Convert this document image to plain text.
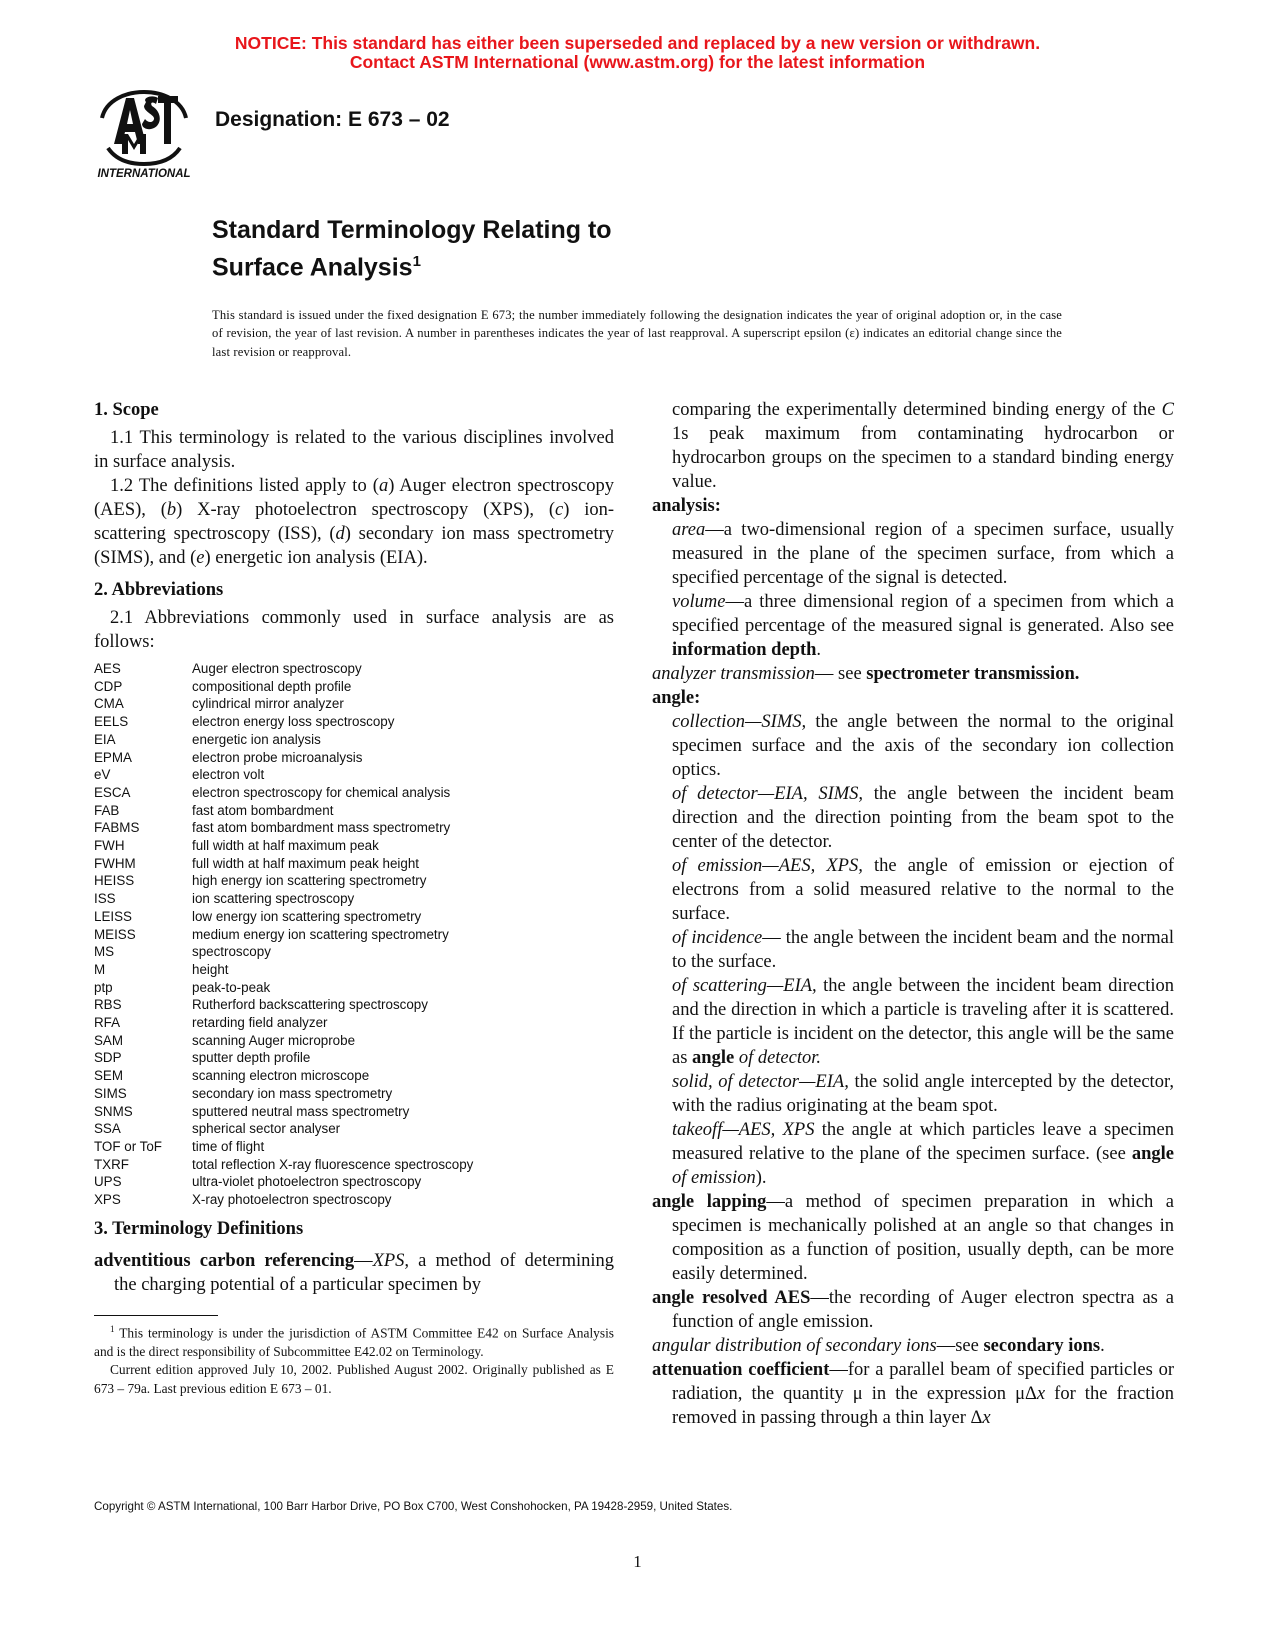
NOTICE: This standard has either been superseded and replaced by a new version or withdrawn.
Contact ASTM International (www.astm.org) for the latest information
INTERNATIONAL
Designation: E 673 – 02
Standard Terminology Relating to
Surface Analysis$^1$
This standard is issued under the fixed designation E 673; the number immediately following the designation indicates the year of original adoption or, in the case of revision, the year of last revision. A number in parentheses indicates the year of last reapproval. A superscript epsilon (ε) indicates an editorial change since the last revision or reapproval.

1. Scope

1.1 This terminology is related to the various disciplines involved in surface analysis.

1.2 The definitions listed apply to (a) Auger electron spectroscopy (AES), (b) X-ray photoelectron spectroscopy (XPS), (c) ion-scattering spectroscopy (ISS), (d) secondary ion mass spectrometry (SIMS), and (e) energetic ion analysis (EIA).

2. Abbreviations

2.1 Abbreviations commonly used in surface analysis are as follows:

AES	Auger electron spectroscopy
CDP	compositional depth profile
CMA	cylindrical mirror analyzer
EELS	electron energy loss spectroscopy
EIA	energetic ion analysis
EPMA	electron probe microanalysis
eV	electron volt
ESCA	electron spectroscopy for chemical analysis
FAB	fast atom bombardment
FABMS	fast atom bombardment mass spectrometry
FWH	full width at half maximum peak
FWHM	full width at half maximum peak height
HEISS	high energy ion scattering spectrometry
ISS	ion scattering spectroscopy
LEISS	low energy ion scattering spectrometry
MEISS	medium energy ion scattering spectrometry
MS	spectroscopy
M	height
ptp	peak-to-peak
RBS	Rutherford backscattering spectroscopy
RFA	retarding field analyzer
SAM	scanning Auger microprobe
SDP	sputter depth profile
SEM	scanning electron microscope
SIMS	secondary ion mass spectrometry
SNMS	sputtered neutral mass spectrometry
SSA	spherical sector analyser
TOF or ToF	time of flight
TXRF	total reflection X-ray fluorescence spectroscopy
UPS	ultra-violet photoelectron spectroscopy
XPS	X-ray photoelectron spectroscopy

3. Terminology Definitions

adventitious carbon referencing—XPS, a method of determining the charging potential of a particular specimen by

$^1$ This terminology is under the jurisdiction of ASTM Committee E42 on Surface Analysis and is the direct responsibility of Subcommittee E42.02 on Terminology.

Current edition approved July 10, 2002. Published August 2002. Originally published as E 673 – 79a. Last previous edition E 673 – 01.

comparing the experimentally determined binding energy of the C 1s peak maximum from contaminating hydrocarbon or hydrocarbon groups on the specimen to a standard binding energy value.

analysis:

area—a two-dimensional region of a specimen surface, usually measured in the plane of the specimen surface, from which a specified percentage of the signal is detected.

volume—a three dimensional region of a specimen from which a specified percentage of the measured signal is generated. Also see information depth.

analyzer transmission— see spectrometer transmission.

angle:

collection—SIMS, the angle between the normal to the original specimen surface and the axis of the secondary ion collection optics.

of detector—EIA, SIMS, the angle between the incident beam direction and the direction pointing from the beam spot to the center of the detector.

of emission—AES, XPS, the angle of emission or ejection of electrons from a solid measured relative to the normal to the surface.

of incidence— the angle between the incident beam and the normal to the surface.

of scattering—EIA, the angle between the incident beam direction and the direction in which a particle is traveling after it is scattered. If the particle is incident on the detector, this angle will be the same as angle of detector.

solid, of detector—EIA, the solid angle intercepted by the detector, with the radius originating at the beam spot.

takeoff—AES, XPS the angle at which particles leave a specimen measured relative to the plane of the specimen surface. (see angle of emission).

angle lapping—a method of specimen preparation in which a specimen is mechanically polished at an angle so that changes in composition as a function of position, usually depth, can be more easily determined.

angle resolved AES—the recording of Auger electron spectra as a function of angle emission.

angular distribution of secondary ions—see secondary ions.

attenuation coefficient—for a parallel beam of specified particles or radiation, the quantity μ in the expression μΔx for the fraction removed in passing through a thin layer Δx

Copyright © ASTM International, 100 Barr Harbor Drive, PO Box C700, West Conshohocken, PA 19428-2959, United States.
1
